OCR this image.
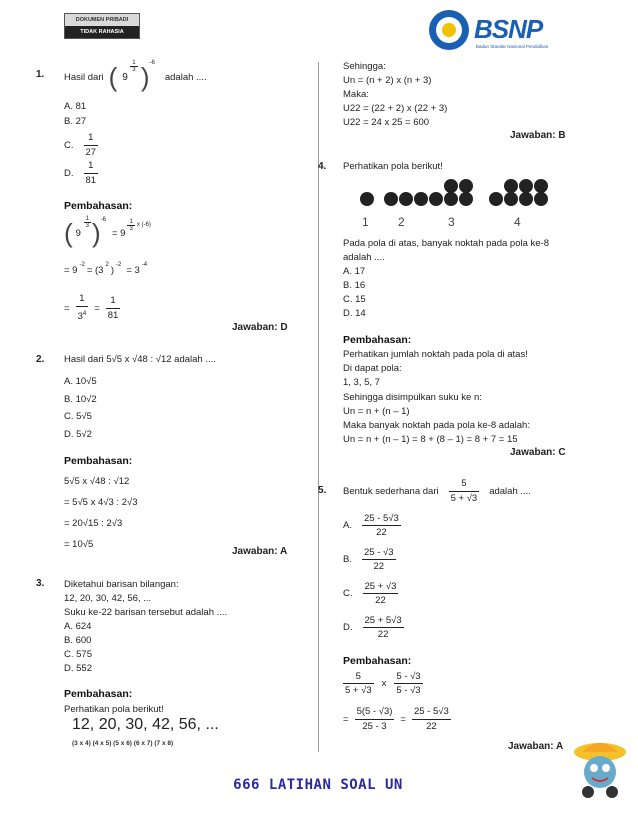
DOKUMEN PRIBADI
TIDAK RAHASIA	BSNP
Badan Standar Nasional Pendidikan
1. Hasil dari ( 9
$\frac{1}{3}$ ) -6
adalah ....
A. 81
B. 27
C. $\frac{1}{27}$
D. $\frac{1}{81}$
Pembahasan:
( 9
$\frac{1}{3}$ ) -6
= 9
$\frac{1}{3}$ x (-6)
= 9 -2 = (3 2 ) -2 = 3 -4
= $\frac{1}{3^4} = \frac{1}{81}$
Jawaban: D
2. Hasil dari 5√5 x √48 : √12 adalah ....
A. 10√5
B. 10√2
C. 5√5
D. 5√2
Pembahasan:
5√5 x √48 : √12
= 5√5 x 4√3 : 2√3
= 20√15 : 2√3
= 10√5
Jawaban: A
3. Diketahui barisan bilangan:
12, 20, 30, 42, 56, ...
Suku ke-22 barisan tersebut adalah ....
A. 624
B. 600
C. 575
D. 552
Pembahasan:
Perhatikan pola berikut!
12, 20, 30, 42, 56, ...
(3 x 4) (4 x 5) (5 x 6) (6 x 7) (7 x 8)
Sehingga:
Un = (n + 2) x (n + 3)
Maka:
U22 = (22 + 2) x (22 + 3)
U22 = 24 x 25 = 600
Jawaban: B
4. Perhatikan pola berikut!
1 2	3	4
Pada pola di atas, banyak noktah pada pola ke-8
adalah ....
A. 17
B. 16
C. 15
D. 14
Pembahasan:
Perhatikan jumlah noktah pada pola di atas!
Di dapat pola:
1, 3, 5, 7
Sehingga disimpulkan suku ke n:
Un = n + (n – 1)
Maka banyak noktah pada pola ke-8 adalah:
Un = n + (n – 1) = 8 + (8 – 1) = 8 + 7 = 15
Jawaban: C
5. Bentuk sederhana dari $\frac{5}{5 + √3}$ adalah ....
A. $\frac{25 - 5√3}{22}$
B. $\frac{25 - √3}{22}$
C. $\frac{25 + √3}{22}$
D. $\frac{25 + 5√3}{22}$
Pembahasan:
$\frac{5}{5 + √3}$ x $\frac{5 - √3}{5 - √3}$
= $\frac{5(5 - √3)}{25 - 3} = \frac{25 - 5√3}{22}$
Jawaban: A
666 LATIHAN SOAL UN
